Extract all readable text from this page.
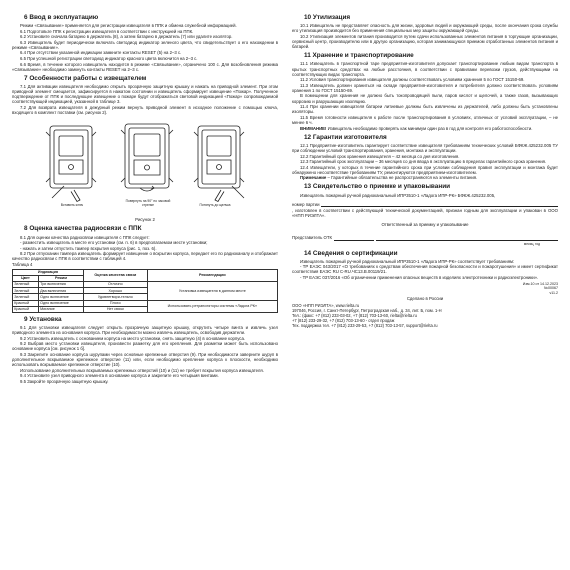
6 Ввод в эксплуатацию

Режим «Связывание» применяется для регистрации извещателя в ППК и обмена служебной информацией.

6.1 Подготовьте ППК к регистрации извещателя в соответствии с инструкцией на ППК.

6.2 Установите сначала батарею в держатель (8), а затем батарею в держатель (7) или удалите изолятор.

6.3 Извещатель будет периодически включать светодиод индикатор зеленого цвета, что свидетельствует о его нахождении в режиме «Связывание».

6.4 При отсутствии указанной индикации замкните контакты RESET (5) на 2–3 с.

6.5 При успешной регистрации светодиод индикатор красного цвета включится на 2–3 с.

6.6 Время, в течение которого извещатель находится в режиме «Связывание», ограничено 100 с. Для возобновления режима «Связывание» необходимо замкнуть контакты RESET на 2–3 с.

7 Особенности работы с извещателем

7.1 Для активации извещателя необходимо открыть прозрачную защитную крышку и нажать на приводной элемент. При этом приводной элемент смещается, зафиксируется в нажатом состоянии и извещатель сформирует извещение «Пожар». Полученное подтверждение от ППК и последующее извещение о пожаре будут отображаться световой индикацией «Пожар» сопровождаемой соответствующей индикацией, указанной в таблице 3.

7.2 Для возврата извещателя в дежурный режим вернуть приводной элемент в исходное положение с помощью ключа, входящего в комплект поставки (см. рисунок 2).

Вставить ключ
Повернуть на 90° по часовой стрелке	Потянуть до щелчка
Рисунок 2
8 Оценка качества радиосвязи с ППК

8.1 Для оценки качества радиосвязи извещателя с ППК следует:

- разместить извещатель в месте его установки (см. п. 6) в предполагаемом месте установки;

- нажать и затем отпустить тампер вскрытия корпуса (рис. 1, поз. 6).

8.2 При отпускании тампера извещатель формирует извещение о вскрытии корпуса, передает его по радиоканалу и отображает качество радиосвязи с ППК в соответствии с таблицей 4.

Таблица 4
Индикация		Оценка качества связи	Рекомендации
Цвет	Режим		
Зеленый	Три включения	Отлично	Установка извещателя в данном месте
Зеленый	Два включения	Хорошо	
Зеленый	Одно включение	Удовлетвори-тельно	
Красный	Одно включение	Плохо	Использовать ретрансляторы системы «Ладога РК»
Красный	Мигание	Нет связи	
9 Установка

9.1 Для установки извещателя следует открыть прозрачную защитную крышку, открутить четыре винта и извлечь узел приводного элемента из основания корпуса. При необходимости можно извлечь извещатель, освободив держатели.

9.2 Установить извещатель с основанием корпуса на место установки, снять защитную (4) в основание корпуса.

9.2 Выбрав место установки извещателя, произвести разметку для его крепления. Для разметки может быть использовано основание корпуса [см. рисунок 1 б].

9.3 Закрепите основание корпуса шурупами через основные крепежные отверстия (9). При необходимости заверните шуруп в дополнительное вскрываемое крепежное отверстие (11) или, если необходимо крепление корпуса к плоскости, необходимо использовать вскрываемое крепежное отверстие (10).

Использование дополнительных вскрываемых крепежных отверстий (10) и (11) не требует вскрытия корпуса извещателя.

9.4 Установите узел приводного элемента в основание корпуса и закрепите его четырьмя винтами.

9.5 Закройте прозрачную защитную крышку.

10 Утилизация

10.1 Извещатель не представляет опасность для жизни, здоровья людей и окружающей среды, после окончания срока службы его утилизация производится без применения специальных мер защиты окружающей среды.

10.2 Утилизация элементов питания производится путем сдачи использованных элементов питания в торгующие организации, сервисный центр, производителю или в другую организацию, которая занимающуюся приемом отработанных элементов питания и батарей.

11 Хранение и транспортирование

11.1 Извещатель в транспортной таре предприятия-изготовителя допускает транспортирование любым видом транспорта в крытых транспортных средствах на любые расстояния, в соответствии с правилами перевозки грузов, действующими на соответствующих видах транспорта.

11.2 Условия транспортирования извещателя должны соответствовать условиям хранения 5 по ГОСТ 15150-69.

11.3 Извещатель должен храниться на складе предприятия-изготовителя и потребителя должно соответствовать условиям хранения 1 по ГОСТ 15150-69.

В помещении для хранения не должно быть токопроводящей пыли, паров кислот и щелочей, а также газов, вызывающих коррозию и разрушающих изоляцию.

11.4 При хранении извещателя батареи литиевые должны быть извлечены из держателей, либо должны быть установлены изоляторы.

11.5 Время готовности извещателя к работе после транспортирования в условиях, отличных от условий эксплуатации, – не менее 6 ч.

ВНИМАНИЕ! Извещатель необходимо проверять как минимум один раз в год для контроля его работоспособности.

12 Гарантии изготовителя

12.1 Предприятие-изготовитель гарантирует соответствие извещателя требованиям технических условий БФКЖ.425232.005 ТУ при соблюдении условий транспортирования, хранения, монтажа и эксплуатации.

12.2 Гарантийный срок хранения извещателя – 42 месяца со дня изготовления.

12.3 Гарантийный срок эксплуатации – 36 месяцев со дня ввода в эксплуатацию в пределах гарантийного срока хранения.

12.4 Извещатели, у которых в течение гарантийного срока при условии соблюдения правил эксплуатации и монтажа будет обнаружено несоответствие требованиям ТУ, ремонтируются предприятием-изготовителем.

Примечание – Гарантийные обязательства не распространяются на элементы питания.

13 Свидетельство о приемке и упаковывании

Извещатель пожарный ручной радиоканальный ИПР3510-1 «Ладога ИПР-РК» БФКЖ.425232.005,

номер партии

, изготовлен в соответствии с действующей технической документацией, признан годным для эксплуатации и упакован в ООО «НПП РИЭЛТА».

Ответственный за приемку и упаковывание

Представитель ОТК
месяц, год
14 Сведения о сертификации

Извещатель пожарный ручной радиоканальный ИПР3510-1 «Ладога ИПР-РК» соответствует требованиям:

- ТР ЕАЭС 043/2017 «О требованиях к средствам обеспечения пожарной безопасности и пожаротушения» и имеет сертификат соответствия ЕАЭС RU С-RU.ЧС13.В.00119/21.

- ТР ЕАЭС 037/2016 «Об ограничении применения опасных веществ в изделиях электротехники и радиоэлектроники».

Изм.10 от 14.12.2023
№00067
v11.2
Сделано в России
ООО «НПП РИЭЛТА», www.rielta.ru
197046, Россия, г. Санкт-Петербург, Петроградская наб., д. 34, лит. Б, пом. 1-Н
Тел.: (факс: +7 (812) 233-03-02, +7 (812) 703-13-60, rielta@rielta.ru
+7 (812) 233-29-32, +7 (812) 703-13-60 - отдел продаж
Тех. поддержка тел. +7 (812) 233-29-53, +7 (812) 703-13-57, support@rielta.ru
